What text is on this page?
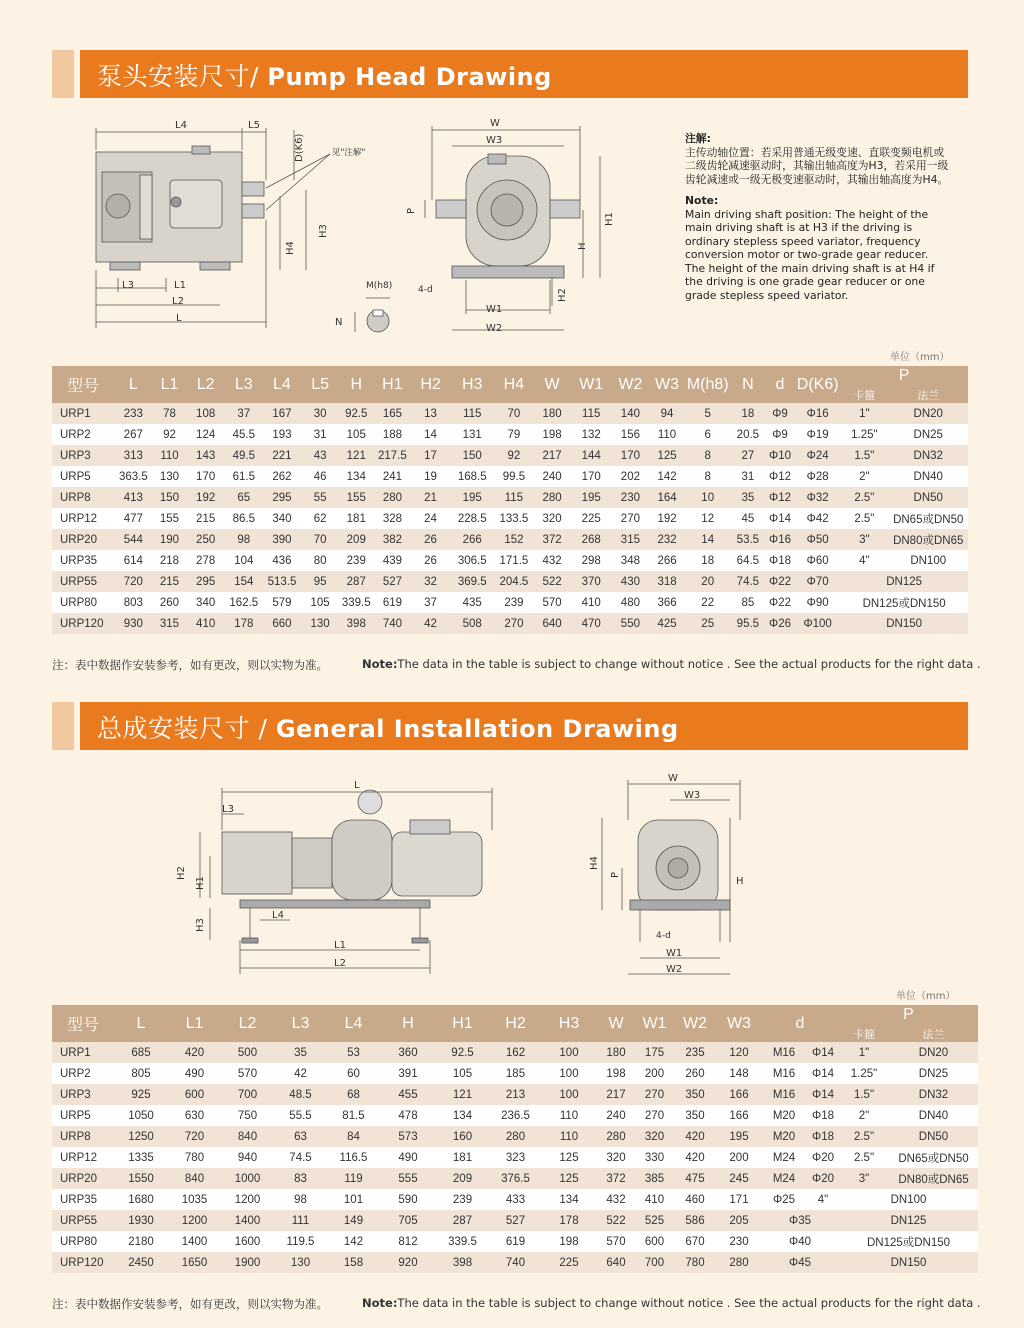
泵头安装尺寸/ Pump Head Drawing
L4	L5
D(K6)	见"注解"
H4
H3
L3	L1
L2
L
M(h8)
N
4-d
W
W3
W1
W2
P
H
H1
H2
注解:
主传动轴位置：若采用普通无级变速、直联变频电机或二级齿轮减速驱动时，其输出轴高度为H3，若采用一级齿轮减速或一级无极变速驱动时，其输出轴高度为H4。
Note:
Main driving shaft position: The height of the main driving shaft is at H3 if the driving is ordinary stepless speed variator, frequency conversion motor or two-grade gear reducer. The height of the main driving shaft is at H4 if the driving is one grade gear reducer or one grade stepless speed variator.
单位（mm）
型号	L	L1	L2	L3	L4	L5	H	H1	H2	H3	H4	W	W1	W2	W3	M(h8)	N	d	D(K6)	P	
																				卡箍	法兰
URP1	233	78	108	37	167	30	92.5	165	13	115	70	180	115	140	94	5	18	Φ9	Φ16	1"	DN20
URP2	267	92	124	45.5	193	31	105	188	14	131	79	198	132	156	110	6	20.5	Φ9	Φ19	1.25"	DN25
URP3	313	110	143	49.5	221	43	121	217.5	17	150	92	217	144	170	125	8	27	Φ10	Φ24	1.5"	DN32
URP5	363.5	130	170	61.5	262	46	134	241	19	168.5	99.5	240	170	202	142	8	31	Φ12	Φ28	2"	DN40
URP8	413	150	192	65	295	55	155	280	21	195	115	280	195	230	164	10	35	Φ12	Φ32	2.5"	DN50
URP12	477	155	215	86.5	340	62	181	328	24	228.5	133.5	320	225	270	192	12	45	Φ14	Φ42	2.5"	DN65或DN50
URP20	544	190	250	98	390	70	209	382	26	266	152	372	268	315	232	14	53.5	Φ16	Φ50	3"	DN80或DN65
URP35	614	218	278	104	436	80	239	439	26	306.5	171.5	432	298	348	266	18	64.5	Φ18	Φ60	4"	DN100
URP55	720	215	295	154	513.5	95	287	527	32	369.5	204.5	522	370	430	318	20	74.5	Φ22	Φ70	DN125	
URP80	803	260	340	162.5	579	105	339.5	619	37	435	239	570	410	480	366	22	85	Φ22	Φ90	DN125或DN150	
URP120	930	315	410	178	660	130	398	740	42	508	270	640	470	550	425	25	95.5	Φ26	Φ100	DN150	
注：表中数据作安装参考，如有更改，则以实物为准。	Note:The data in the table is subject to change without notice . See the actual products for the right data .
总成安装尺寸 / General Installation Drawing
L
L3
H2
H1
H3
L4
L1
L2
W
W3
H4
P
H
4-d
W1
W2
单位（mm）
型号	L	L1	L2	L3	L4	H	H1	H2	H3	W	W1	W2	W3	d		P	
																卡箍	法兰
URP1	685	420	500	35	53	360	92.5	162	100	180	175	235	120	M16	Φ14	1"	DN20
URP2	805	490	570	42	60	391	105	185	100	198	200	260	148	M16	Φ14	1.25"	DN25
URP3	925	600	700	48.5	68	455	121	213	100	217	270	350	166	M16	Φ14	1.5"	DN32
URP5	1050	630	750	55.5	81.5	478	134	236.5	110	240	270	350	166	M20	Φ18	2"	DN40
URP8	1250	720	840	63	84	573	160	280	110	280	320	420	195	M20	Φ18	2.5"	DN50
URP12	1335	780	940	74.5	116.5	490	181	323	125	320	330	420	200	M24	Φ20	2.5"	DN65或DN50
URP20	1550	840	1000	83	119	555	209	376.5	125	372	385	475	245	M24	Φ20	3"	DN80或DN65
URP35	1680	1035	1200	98	101	590	239	433	134	432	410	460	171	Φ25	4"	DN100	
URP55	1930	1200	1400	111	149	705	287	527	178	522	525	586	205	Φ35		DN125	
URP80	2180	1400	1600	119.5	142	812	339.5	619	198	570	600	670	230	Φ40		DN125或DN150	
URP120	2450	1650	1900	130	158	920	398	740	225	640	700	780	280	Φ45		DN150	
注：表中数据作安装参考，如有更改，则以实物为准。	Note:The data in the table is subject to change without notice . See the actual products for the right data .
